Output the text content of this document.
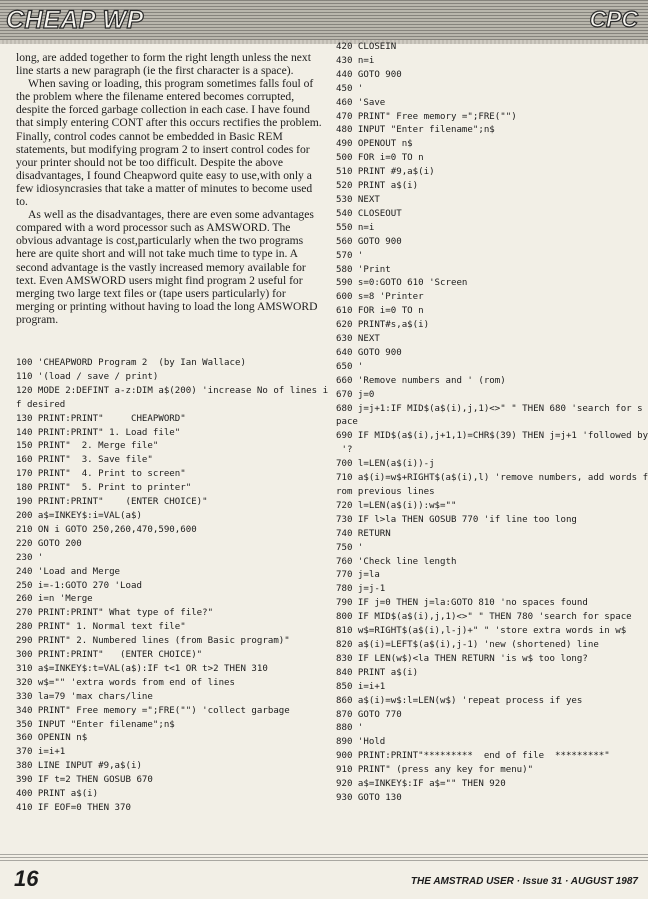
CHEAP WP	CPC

long, are added together to form the right length unless the next line starts a new paragraph (ie the first character is a space).

When saving or loading, this program sometimes falls foul of the problem where the filename entered becomes corrupted, despite the forced garbage collection in each case. I have found that simply entering CONT after this occurs rectifies the problem. Finally, control codes cannot be embedded in Basic REM statements, but modifying program 2 to insert control codes for your printer should not be too difficult. Despite the above disadvantages, I found Cheapword quite easy to use,with only a few idiosyncrasies that take a matter of minutes to become used to.

As well as the disadvantages, there are even some advantages compared with a word processor such as AMSWORD. The obvious advantage is cost,particularly when the two programs here are quite short and will not take much time to type in. A second advantage is the vastly increased memory available for text. Even AMSWORD users might find program 2 useful for merging two large text files or (tape users particularly) for merging or printing without having to load the long AMSWORD program.

100 'CHEAPWORD Program 2  (by Ian Wallace)
110 '(load / save / print)
120 MODE 2:DEFINT a-z:DIM a$(200) 'increase No of lines i
f desired
130 PRINT:PRINT"     CHEAPWORD"
140 PRINT:PRINT" 1. Load file"
150 PRINT"  2. Merge file"
160 PRINT"  3. Save file"
170 PRINT"  4. Print to screen"
180 PRINT"  5. Print to printer"
190 PRINT:PRINT"    (ENTER CHOICE)"
200 a$=INKEY$:i=VAL(a$)
210 ON i GOTO 250,260,470,590,600
220 GOTO 200
230 '
240 'Load and Merge
250 i=-1:GOTO 270 'Load
260 i=n 'Merge
270 PRINT:PRINT" What type of file?"
280 PRINT" 1. Normal text file"
290 PRINT" 2. Numbered lines (from Basic program)"
300 PRINT:PRINT"   (ENTER CHOICE)"
310 a$=INKEY$:t=VAL(a$):IF t<1 OR t>2 THEN 310
320 w$="" 'extra words from end of lines
330 la=79 'max chars/line
340 PRINT" Free memory =";FRE("") 'collect garbage
350 INPUT "Enter filename";n$
360 OPENIN n$
370 i=i+1
380 LINE INPUT #9,a$(i)
390 IF t=2 THEN GOSUB 670
400 PRINT a$(i)
410 IF EOF=0 THEN 370
420 CLOSEIN
430 n=i
440 GOTO 900
450 '
460 'Save
470 PRINT" Free memory =";FRE("")
480 INPUT "Enter filename";n$
490 OPENOUT n$
500 FOR i=0 TO n
510 PRINT #9,a$(i)
520 PRINT a$(i)
530 NEXT
540 CLOSEOUT
550 n=i
560 GOTO 900
570 '
580 'Print
590 s=0:GOTO 610 'Screen
600 s=8 'Printer
610 FOR i=0 TO n
620 PRINT#s,a$(i)
630 NEXT
640 GOTO 900
650 '
660 'Remove numbers and ' (rom)
670 j=0
680 j=j+1:IF MID$(a$(i),j,1)<>" " THEN 680 'search for s
pace
690 IF MID$(a$(i),j+1,1)=CHR$(39) THEN j=j+1 'followed by
'?
700 l=LEN(a$(i))-j
710 a$(i)=w$+RIGHT$(a$(i),l) 'remove numbers, add words f
rom previous lines
720 l=LEN(a$(i)):w$=""
730 IF l>la THEN GOSUB 770 'if line too long
740 RETURN
750 '
760 'Check line length
770 j=la
780 j=j-1
790 IF j=0 THEN j=la:GOTO 810 'no spaces found
800 IF MID$(a$(i),j,1)<>" " THEN 780 'search for space
810 w$=RIGHT$(a$(i),l-j)+" " 'store extra words in w$
820 a$(i)=LEFT$(a$(i),j-1) 'new (shortened) line
830 IF LEN(w$)<la THEN RETURN 'is w$ too long?
840 PRINT a$(i)
850 i=i+1
860 a$(i)=w$:l=LEN(w$) 'repeat process if yes
870 GOTO 770
880 '
890 'Hold
900 PRINT:PRINT"*********  end of file  *********"
910 PRINT" (press any key for menu)"
920 a$=INKEY$:IF a$="" THEN 920
930 GOTO 130
16	THE AMSTRAD USER · Issue 31 · AUGUST 1987
